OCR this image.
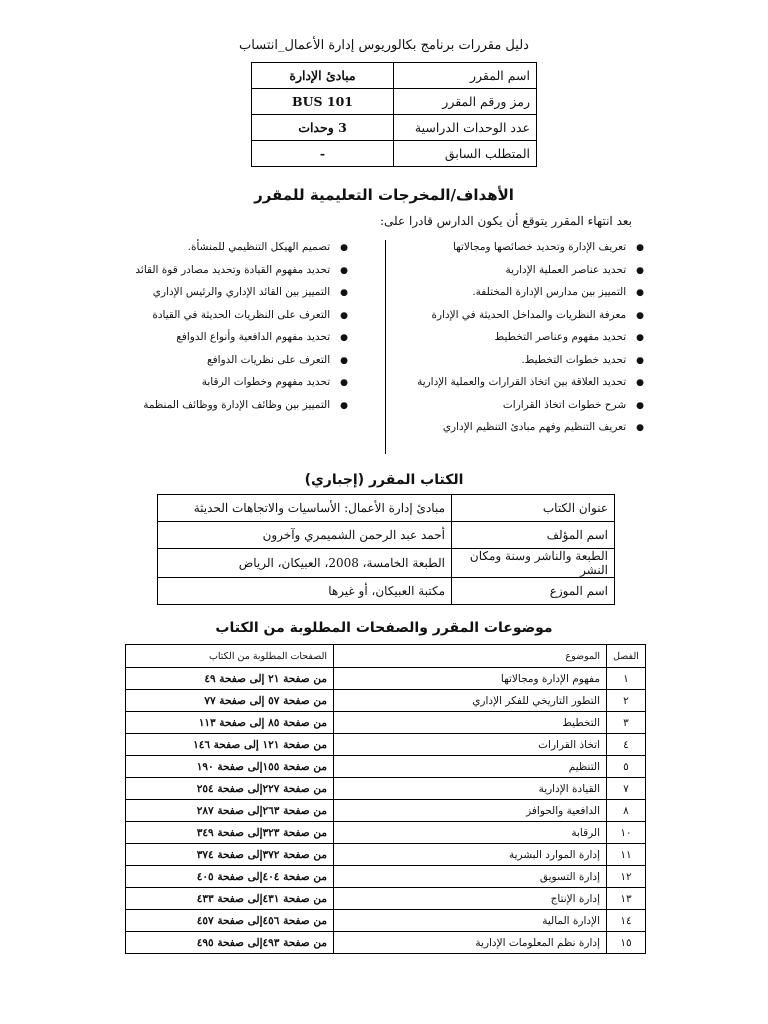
دليل مقررات برنامج بكالوريوس إدارة الأعمال_انتساب
اسم المقرر	مبادئ الإدارة
رمز ورقم المقرر	BUS 101
عدد الوحدات الدراسية	3 وحدات
المتطلب السابق	-
الأهداف/المخرجات التعليمية للمقرر
بعد انتهاء المقرر يتوقع أن يكون الدارس قادرا على:
● تعريف الإدارة وتحديد خصائصها ومجالاتها
● تحديد عناصر العملية الإدارية
● التمييز بين مدارس الإدارة المختلفة.
● معرفة النظريات والمداخل الحديثة في الإدارة
● تحديد مفهوم وعناصر التخطيط
● تحديد خطوات التخطيط.
● تحديد العلاقة بين اتخاذ القرارات والعملية الإدارية
● شرح خطوات اتخاذ القرارات
● تعريف التنظيم وفهم مبادئ التنظيم الإداري
● تصميم الهيكل التنظيمي للمنشأة.
● تحديد مفهوم القيادة وتحديد مصادر قوة القائد
● التمييز بين القائد الإداري والرئيس الإداري
● التعرف على النظريات الحديثة في القيادة
● تحديد مفهوم الدافعية وأنواع الدوافع
● التعرف على نظريات الدوافع
● تحديد مفهوم وخطوات الرقابة
● التمييز بين وظائف الإدارة ووظائف المنظمة
الكتاب المقرر (إجباري)
عنوان الكتاب	مبادئ إدارة الأعمال: الأساسيات والاتجاهات الحديثة
اسم المؤلف	أحمد عبد الرحمن الشميمري وآخرون
الطبعة والناشر وسنة ومكان النشر	الطبعة الخامسة، 2008، العبيكان، الرياض
اسم الموزع	مكتبة العبيكان، أو غيرها
موضوعات المقرر والصفحات المطلوبة من الكتاب
الفصل	الموضوع	الصفحات المطلوبة من الكتاب
١	مفهوم الإدارة ومجالاتها	من صفحة ٢١ إلى صفحة ٤٩
٢	التطور التاريخي للفكر الإداري	من صفحة ٥٧ إلى صفحة ٧٧
٣	التخطيط	من صفحة ٨٥ إلى صفحة ١١٣
٤	اتخاذ القرارات	من صفحة ١٢١ إلى صفحة ١٤٦
٥	التنظيم	من صفحة ١٥٥إلى صفحة ١٩٠
٧	القيادة الإدارية	من صفحة ٢٢٧إلى صفحة ٢٥٤
٨	الدافعية والحوافز	من صفحة ٢٦٣إلى صفحة ٢٨٧
١٠	الرقابة	من صفحة ٣٢٣إلى صفحة ٣٤٩
١١	إدارة الموارد البشرية	من صفحة ٣٧٢إلى صفحة ٣٧٤
١٢	إدارة التسويق	من صفحة ٤٠٤إلى صفحة ٤٠٥
١٣	إدارة الإنتاج	من صفحة ٤٣١إلى صفحة ٤٣٣
١٤	الإدارة المالية	من صفحة ٤٥٦إلى صفحة ٤٥٧
١٥	إدارة نظم المعلومات الإدارية	من صفحة ٤٩٣إلى صفحة ٤٩٥
